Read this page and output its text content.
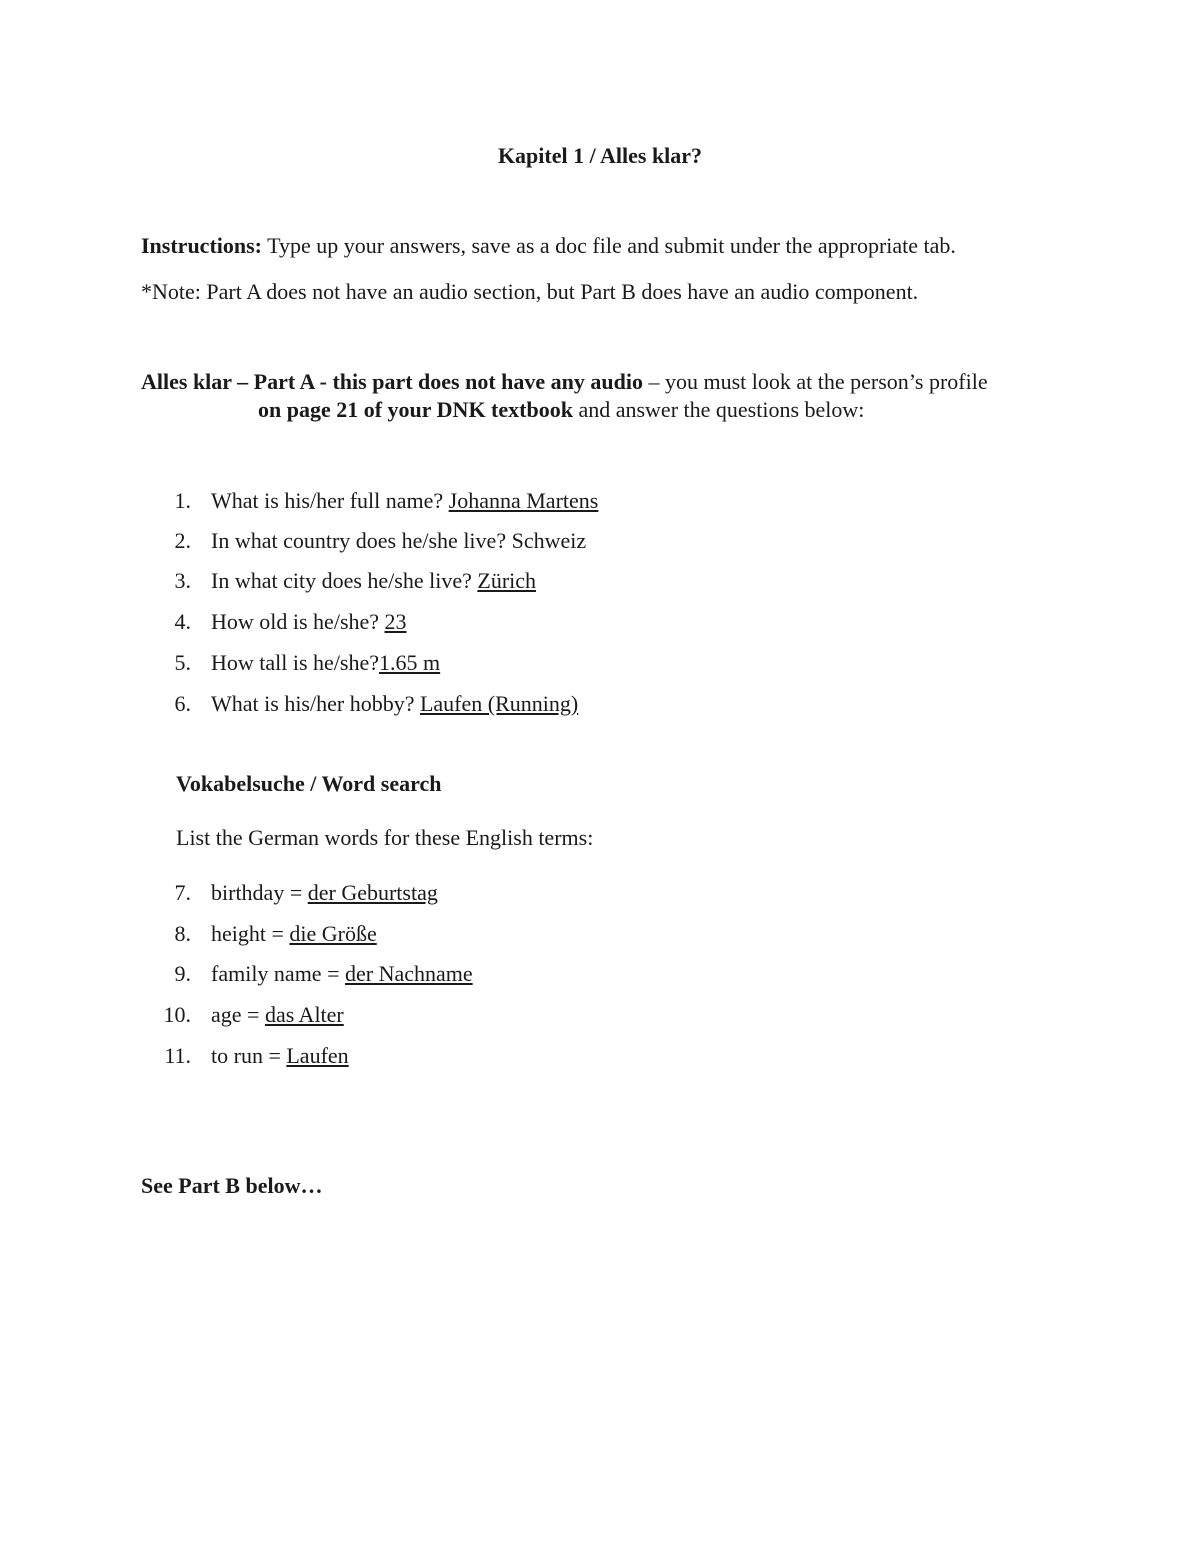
Kapitel 1 / Alles klar?
Instructions: Type up your answers, save as a doc file and submit under the appropriate tab.
*Note: Part A does not have an audio section, but Part B does have an audio component.
Alles klar – Part A - this part does not have any audio – you must look at the person’s profile
on page 21 of your DNK textbook and answer the questions below:
1. What is his/her full name? Johanna Martens
2. In what country does he/she live? Schweiz
3. In what city does he/she live? Zürich
4. How old is he/she? 23
5. How tall is he/she?1.65 m
6. What is his/her hobby? Laufen (Running)
Vokabelsuche / Word search
List the German words for these English terms:
7. birthday = der Geburtstag
8. height = die Größe
9. family name = der Nachname
10. age = das Alter
11. to run = Laufen
See Part B below…
